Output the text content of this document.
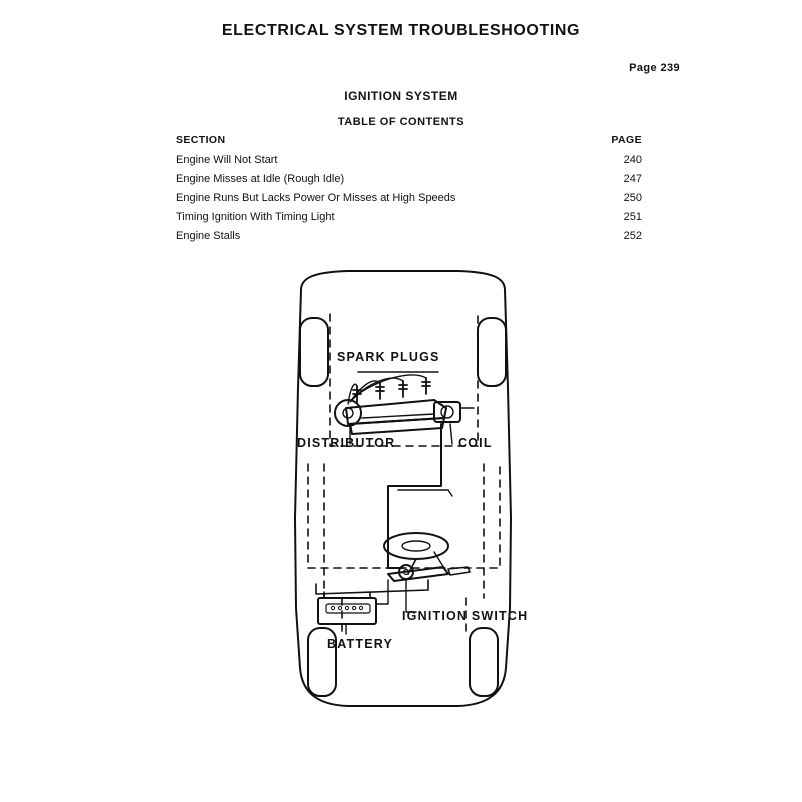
ELECTRICAL SYSTEM TROUBLESHOOTING
Page 239
IGNITION SYSTEM
TABLE OF CONTENTS
SECTION	PAGE
Engine Will Not Start	240
Engine Misses at Idle (Rough Idle)	247
Engine Runs But Lacks Power Or Misses at High Speeds	250
Timing Ignition With Timing Light	251
Engine Stalls	252
SPARK PLUGS
DISTRIBUTOR	COIL
IGNITION SWITCH
BATTERY
